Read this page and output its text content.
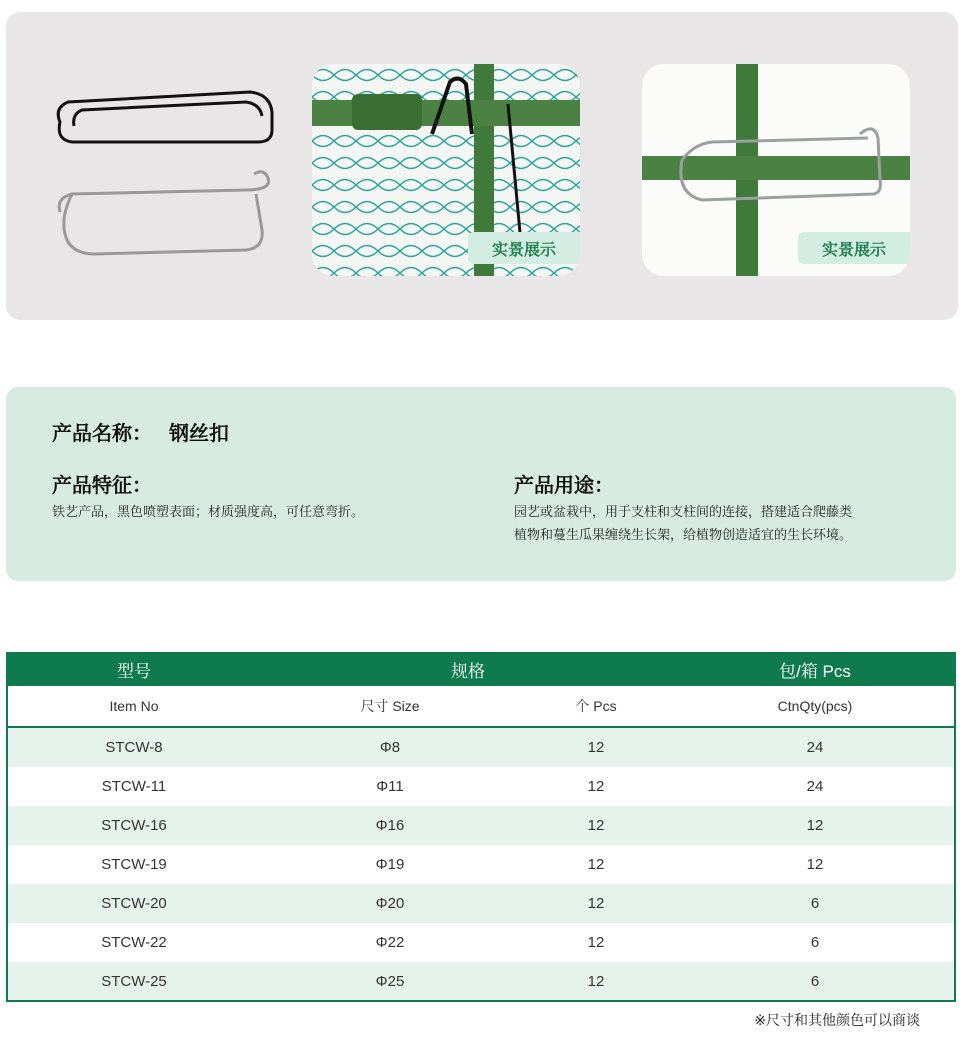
实景展示	实景展示
产品名称： 钢丝扣
产品特征：
铁艺产品，黑色喷塑表面；材质强度高，可任意弯折。
产品用途：
园艺或盆栽中，用于支柱和支柱间的连接，搭建适合爬藤类
植物和蔓生瓜果缠绕生长架，给植物创造适宜的生长环境。
型号	规格		包/箱 Pcs
Item No	尺寸 Size	个 Pcs	CtnQty(pcs)
STCW-8	Φ8	12	24
STCW-11	Φ11	12	24
STCW-16	Φ16	12	12
STCW-19	Φ19	12	12
STCW-20	Φ20	12	6
STCW-22	Φ22	12	6
STCW-25	Φ25	12	6
※尺寸和其他颜色可以商谈
